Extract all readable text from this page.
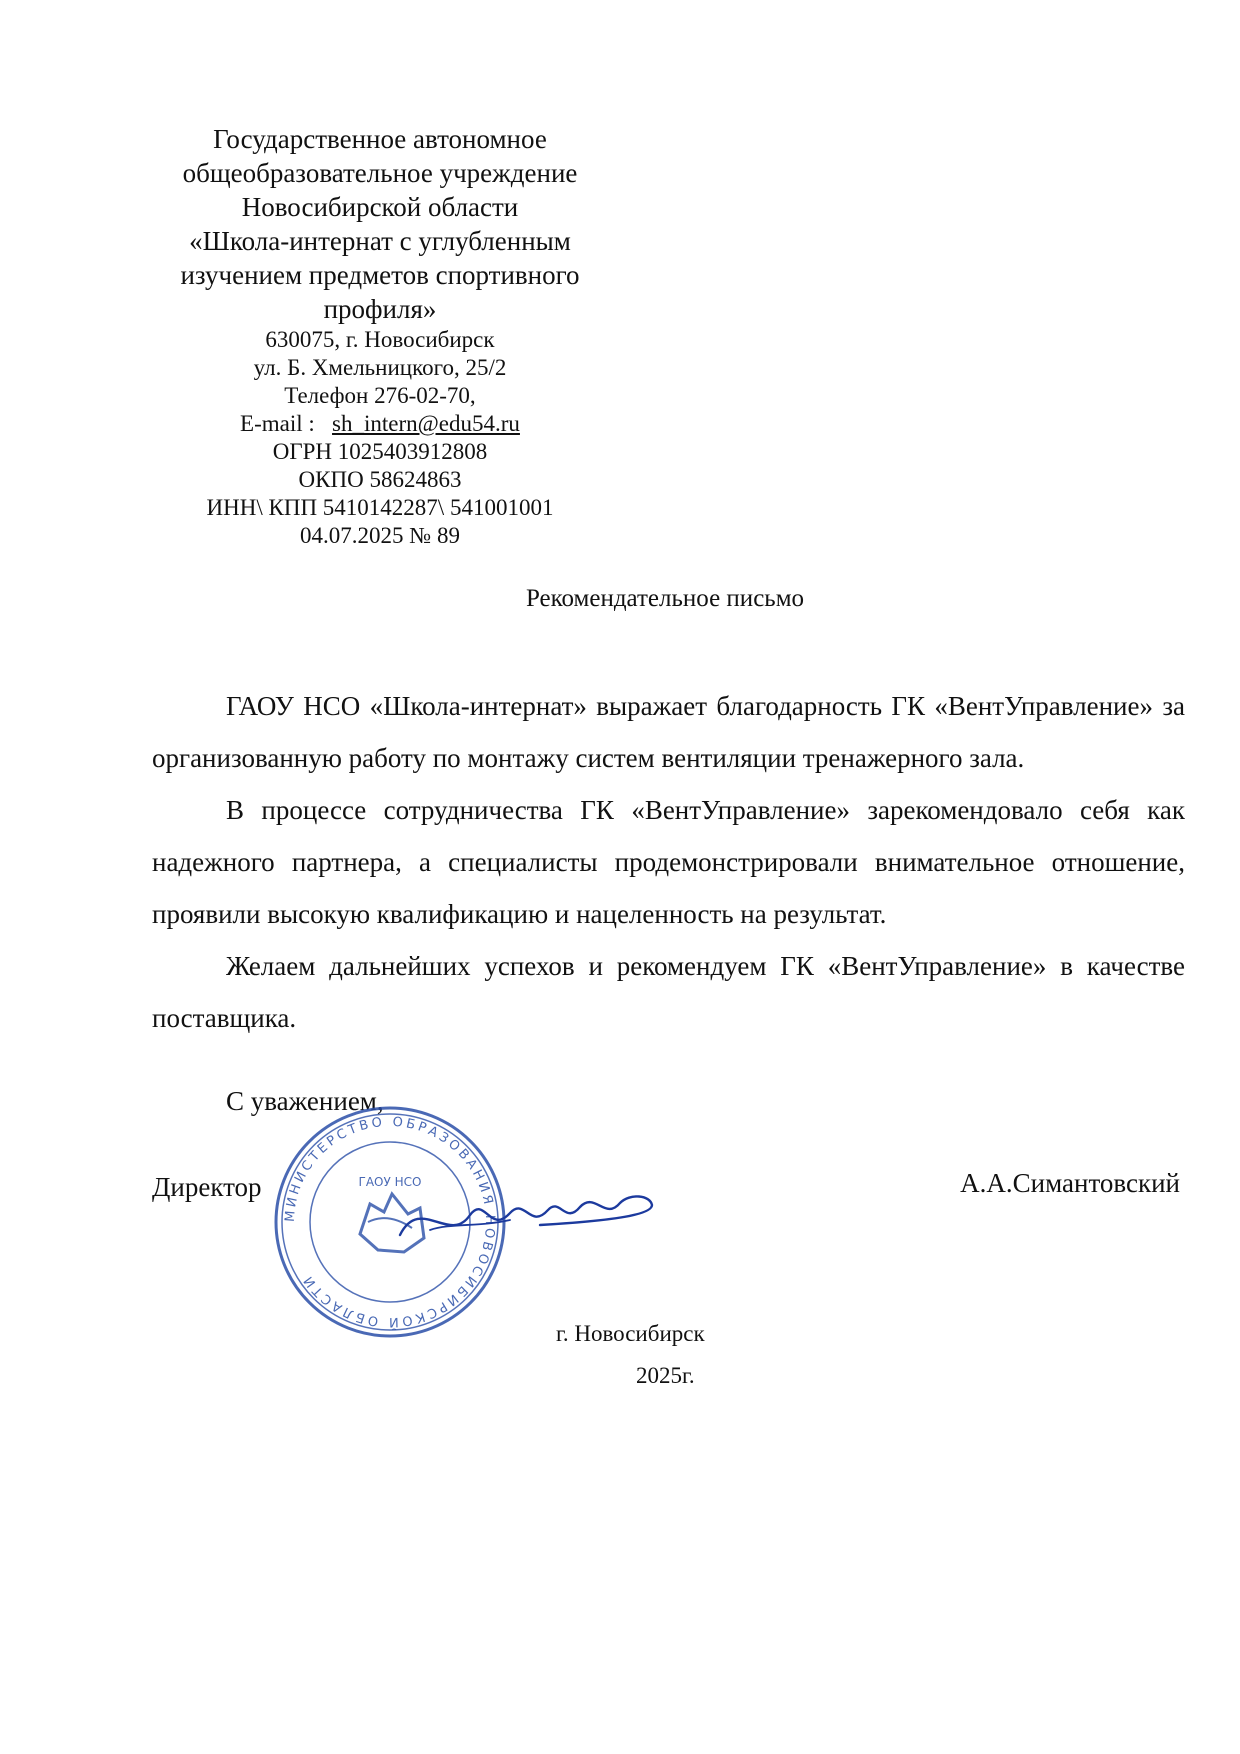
Государственное автономное
общеобразовательное учреждение
Новосибирской области
«Школа-интернат с углубленным
изучением предметов спортивного
профиля»
630075, г. Новосибирск
ул. Б. Хмельницкого, 25/2
Телефон 276-02-70,
E-mail :   sh_intern@edu54.ru
ОГРН 1025403912808
ОКПО 58624863
ИНН\ КПП 5410142287\ 541001001
04.07.2025 № 89
Рекомендательное письмо

ГАОУ НСО «Школа-интернат» выражает благодарность ГК «ВентУправление» за организованную работу по монтажу систем вентиляции тренажерного зала.

В процессе сотрудничества ГК «ВентУправление» зарекомендовало себя как надежного партнера, а специалисты продемонстрировали внимательное отношение, проявили высокую квалификацию и нацеленность на результат.

Желаем дальнейших успехов и рекомендуем ГК «ВентУправление» в качестве поставщика.

С уважением,
Директор	А.А.Симантовский
МИНИСТЕРСТВО ОБРАЗОВАНИЯ НОВОСИБИРСКОЙ ОБЛАСТИ
ГАОУ НСО
г. Новосибирск
2025г.
